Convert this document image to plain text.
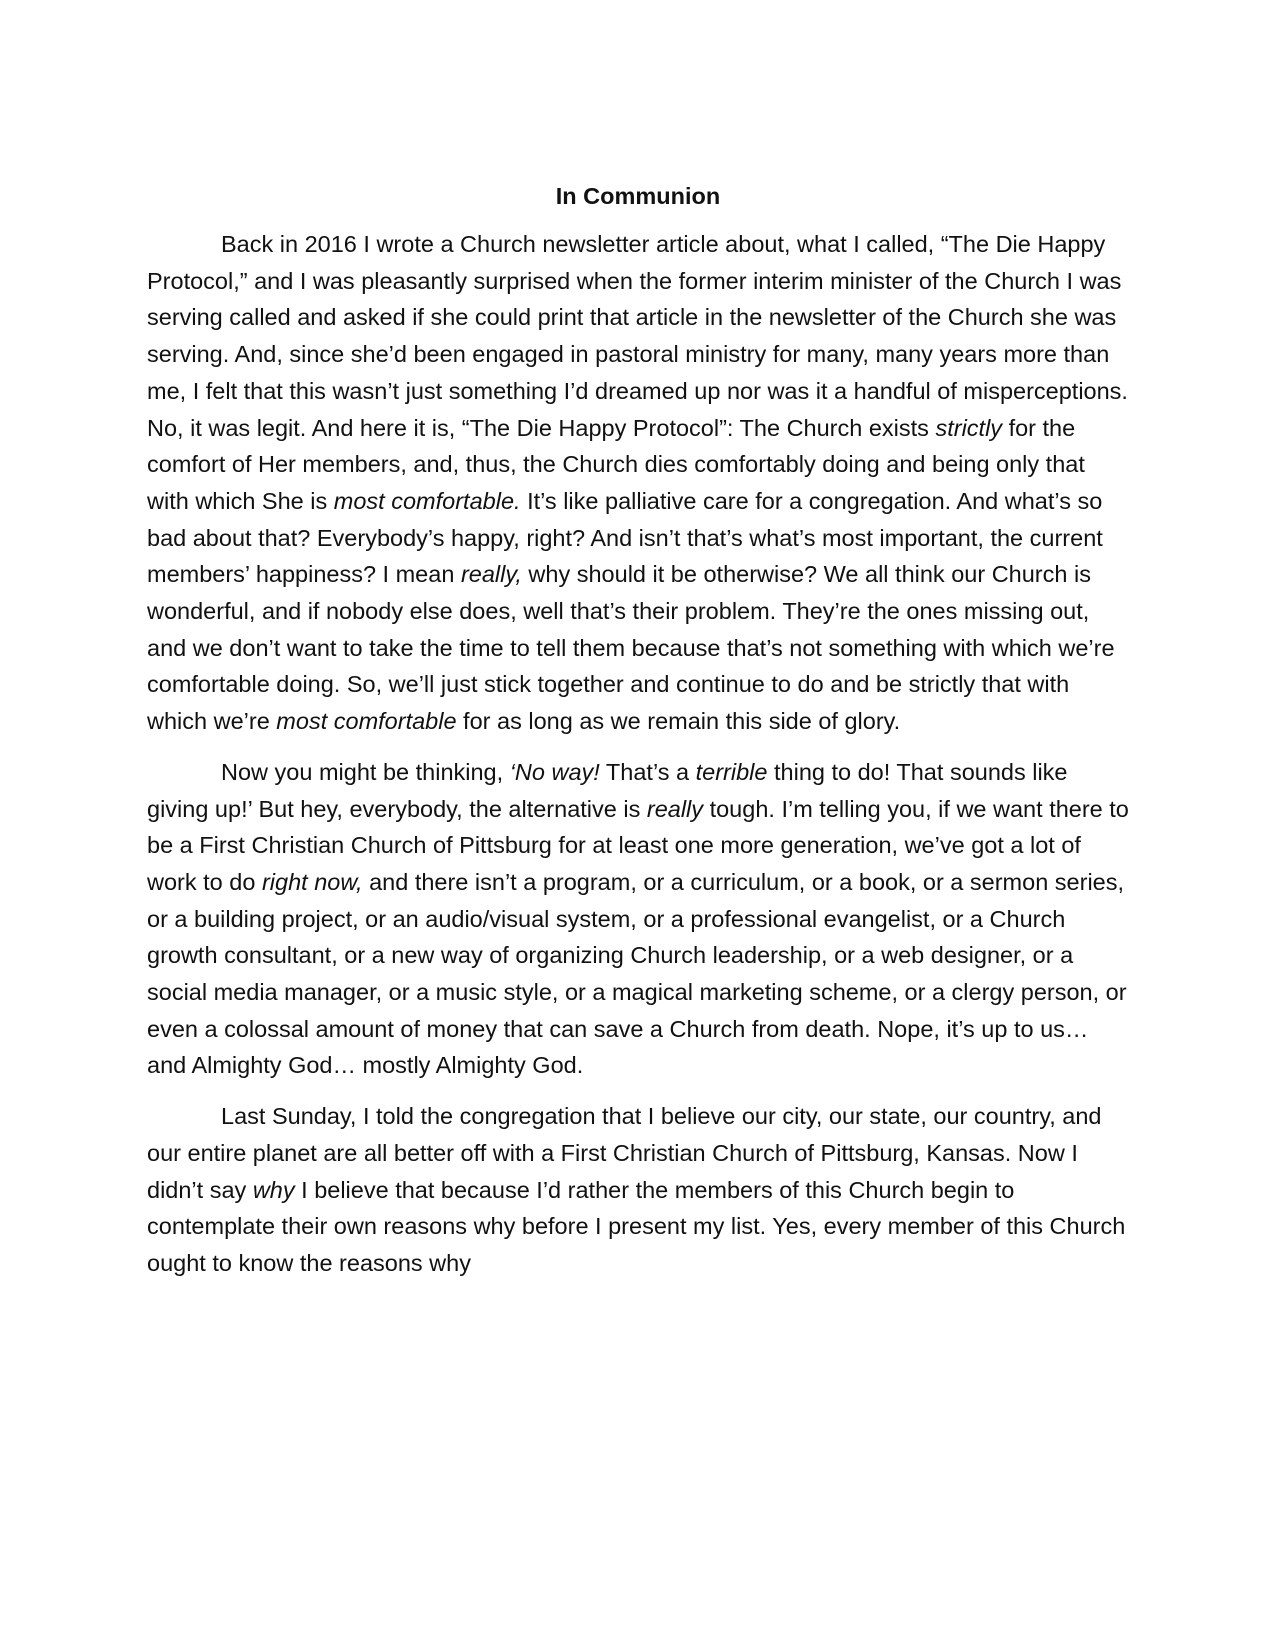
In Communion

Back in 2016 I wrote a Church newsletter article about, what I called, “The Die Happy Protocol,” and I was pleasantly surprised when the former interim minister of the Church I was serving called and asked if she could print that article in the newsletter of the Church she was serving. And, since she’d been engaged in pastoral ministry for many, many years more than me, I felt that this wasn’t just something I’d dreamed up nor was it a handful of misperceptions. No, it was legit. And here it is, “The Die Happy Protocol”: The Church exists strictly for the comfort of Her members, and, thus, the Church dies comfortably doing and being only that with which She is most comfortable. It’s like palliative care for a congregation. And what’s so bad about that? Everybody’s happy, right? And isn’t that’s what’s most important, the current members’ happiness? I mean really, why should it be otherwise? We all think our Church is wonderful, and if nobody else does, well that’s their problem. They’re the ones missing out, and we don’t want to take the time to tell them because that’s not something with which we’re comfortable doing. So, we’ll just stick together and continue to do and be strictly that with which we’re most comfortable for as long as we remain this side of glory.

Now you might be thinking, ‘No way! That’s a terrible thing to do! That sounds like giving up!’ But hey, everybody, the alternative is really tough. I’m telling you, if we want there to be a First Christian Church of Pittsburg for at least one more generation, we’ve got a lot of work to do right now, and there isn’t a program, or a curriculum, or a book, or a sermon series, or a building project, or an audio/visual system, or a professional evangelist, or a Church growth consultant, or a new way of organizing Church leadership, or a web designer, or a social media manager, or a music style, or a magical marketing scheme, or a clergy person, or even a colossal amount of money that can save a Church from death. Nope, it’s up to us… and Almighty God… mostly Almighty God.

Last Sunday, I told the congregation that I believe our city, our state, our country, and our entire planet are all better off with a First Christian Church of Pittsburg, Kansas. Now I didn’t say why I believe that because I’d rather the members of this Church begin to contemplate their own reasons why before I present my list. Yes, every member of this Church ought to know the reasons why
